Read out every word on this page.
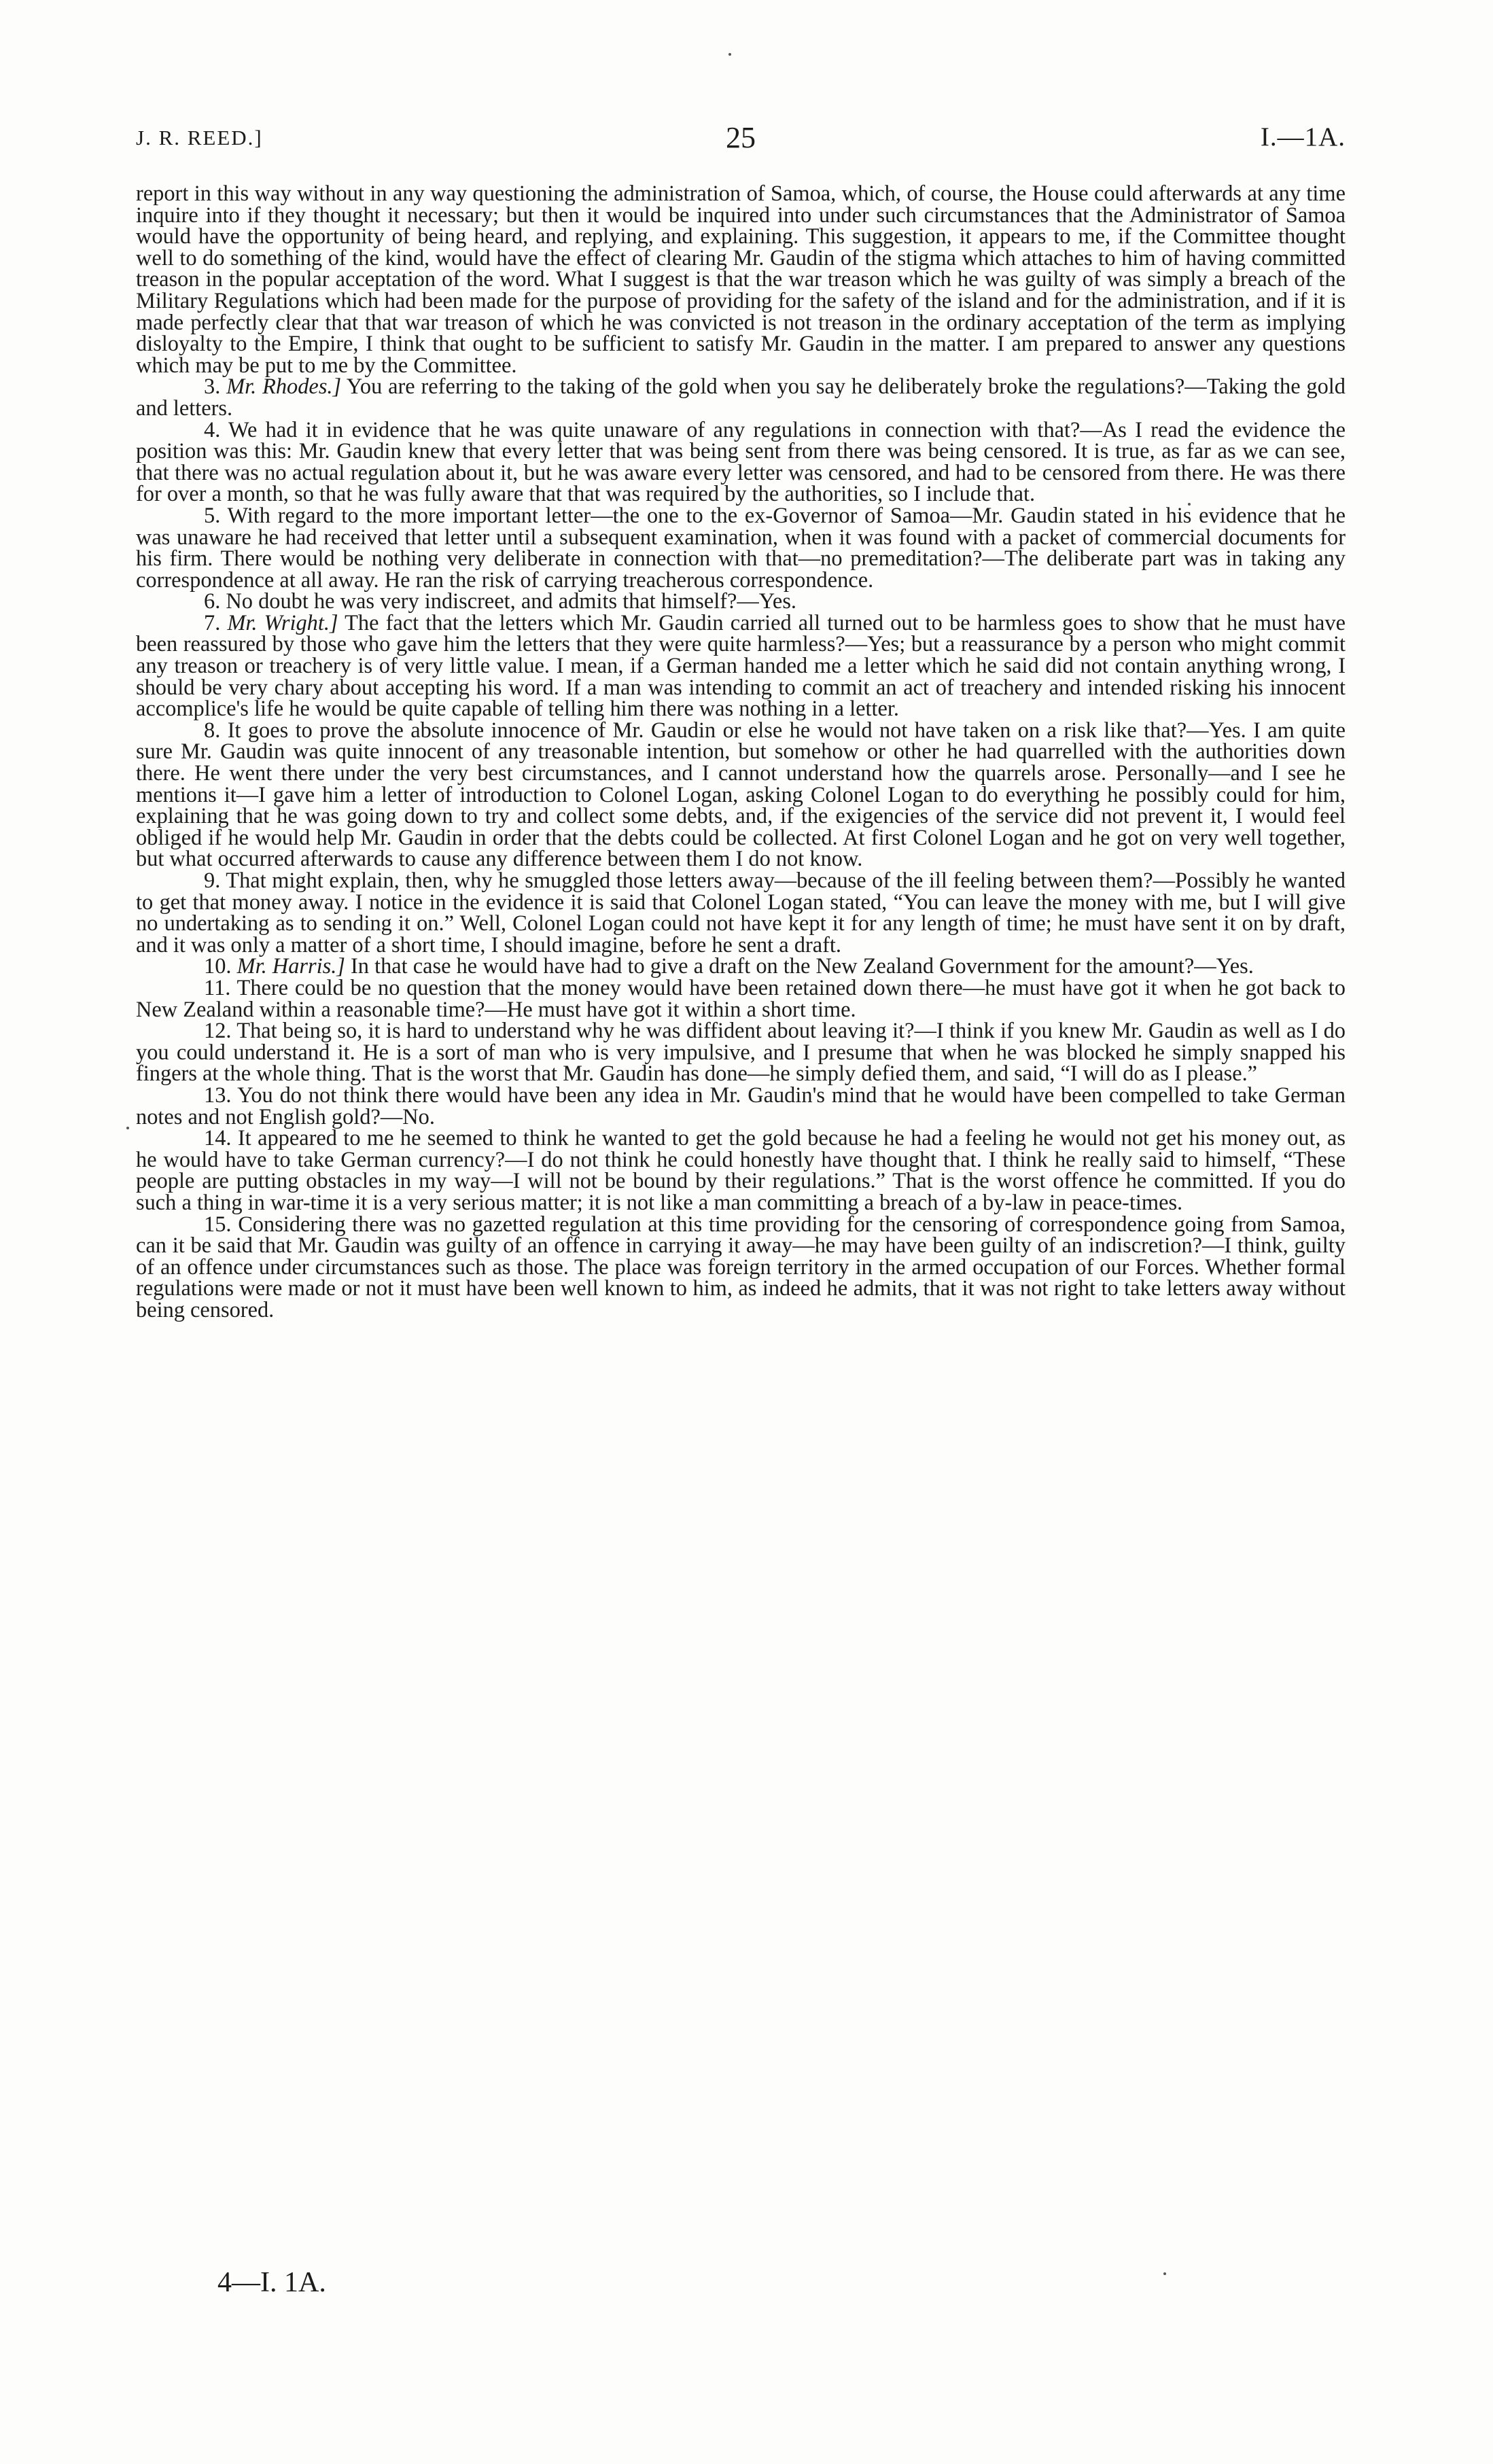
J. R. REED.]	25	I.—1A.

report in this way without in any way questioning the administration of Samoa, which, of course, the House could afterwards at any time inquire into if they thought it necessary; but then it would be inquired into under such circumstances that the Administrator of Samoa would have the opportunity of being heard, and replying, and explaining. This suggestion, it appears to me, if the Committee thought well to do something of the kind, would have the effect of clearing Mr. Gaudin of the stigma which attaches to him of having committed treason in the popular acceptation of the word. What I suggest is that the war treason which he was guilty of was simply a breach of the Military Regulations which had been made for the purpose of providing for the safety of the island and for the administration, and if it is made perfectly clear that that war treason of which he was convicted is not treason in the ordinary acceptation of the term as implying disloyalty to the Empire, I think that ought to be sufficient to satisfy Mr. Gaudin in the matter. I am prepared to answer any questions which may be put to me by the Committee.

3. Mr. Rhodes.] You are referring to the taking of the gold when you say he deliberately broke the regulations?—Taking the gold and letters.

4. We had it in evidence that he was quite unaware of any regulations in connection with that?—As I read the evidence the position was this: Mr. Gaudin knew that every letter that was being sent from there was being censored. It is true, as far as we can see, that there was no actual regulation about it, but he was aware every letter was censored, and had to be censored from there. He was there for over a month, so that he was fully aware that that was required by the authorities, so I include that.

5. With regard to the more important letter—the one to the ex-Governor of Samoa—Mr. Gaudin stated in his evidence that he was unaware he had received that letter until a subsequent examination, when it was found with a packet of commercial documents for his firm. There would be nothing very deliberate in connection with that—no premeditation?—The deliberate part was in taking any correspondence at all away. He ran the risk of carrying treacherous correspondence.

6. No doubt he was very indiscreet, and admits that himself?—Yes.

7. Mr. Wright.] The fact that the letters which Mr. Gaudin carried all turned out to be harmless goes to show that he must have been reassured by those who gave him the letters that they were quite harmless?—Yes; but a reassurance by a person who might commit any treason or treachery is of very little value. I mean, if a German handed me a letter which he said did not contain anything wrong, I should be very chary about accepting his word. If a man was intending to commit an act of treachery and intended risking his innocent accomplice's life he would be quite capable of telling him there was nothing in a letter.

8. It goes to prove the absolute innocence of Mr. Gaudin or else he would not have taken on a risk like that?—Yes. I am quite sure Mr. Gaudin was quite innocent of any treasonable intention, but somehow or other he had quarrelled with the authorities down there. He went there under the very best circumstances, and I cannot understand how the quarrels arose. Personally—and I see he mentions it—I gave him a letter of introduction to Colonel Logan, asking Colonel Logan to do everything he possibly could for him, explaining that he was going down to try and collect some debts, and, if the exigencies of the service did not prevent it, I would feel obliged if he would help Mr. Gaudin in order that the debts could be collected. At first Colonel Logan and he got on very well together, but what occurred afterwards to cause any difference between them I do not know.

9. That might explain, then, why he smuggled those letters away—because of the ill feeling between them?—Possibly he wanted to get that money away. I notice in the evidence it is said that Colonel Logan stated, “You can leave the money with me, but I will give no undertaking as to sending it on.” Well, Colonel Logan could not have kept it for any length of time; he must have sent it on by draft, and it was only a matter of a short time, I should imagine, before he sent a draft.

10. Mr. Harris.] In that case he would have had to give a draft on the New Zealand Government for the amount?—Yes.

11. There could be no question that the money would have been retained down there—he must have got it when he got back to New Zealand within a reasonable time?—He must have got it within a short time.

12. That being so, it is hard to understand why he was diffident about leaving it?—I think if you knew Mr. Gaudin as well as I do you could understand it. He is a sort of man who is very impulsive, and I presume that when he was blocked he simply snapped his fingers at the whole thing. That is the worst that Mr. Gaudin has done—he simply defied them, and said, “I will do as I please.”

13. You do not think there would have been any idea in Mr. Gaudin's mind that he would have been compelled to take German notes and not English gold?—No.

14. It appeared to me he seemed to think he wanted to get the gold because he had a feeling he would not get his money out, as he would have to take German currency?—I do not think he could honestly have thought that. I think he really said to himself, “These people are putting obstacles in my way—I will not be bound by their regulations.” That is the worst offence he committed. If you do such a thing in war-time it is a very serious matter; it is not like a man committing a breach of a by-law in peace-times.

15. Considering there was no gazetted regulation at this time providing for the censoring of correspondence going from Samoa, can it be said that Mr. Gaudin was guilty of an offence in carrying it away—he may have been guilty of an indiscretion?—I think, guilty of an offence under circumstances such as those. The place was foreign territory in the armed occupation of our Forces. Whether formal regulations were made or not it must have been well known to him, as indeed he admits, that it was not right to take letters away without being censored.

4—I. 1A.
